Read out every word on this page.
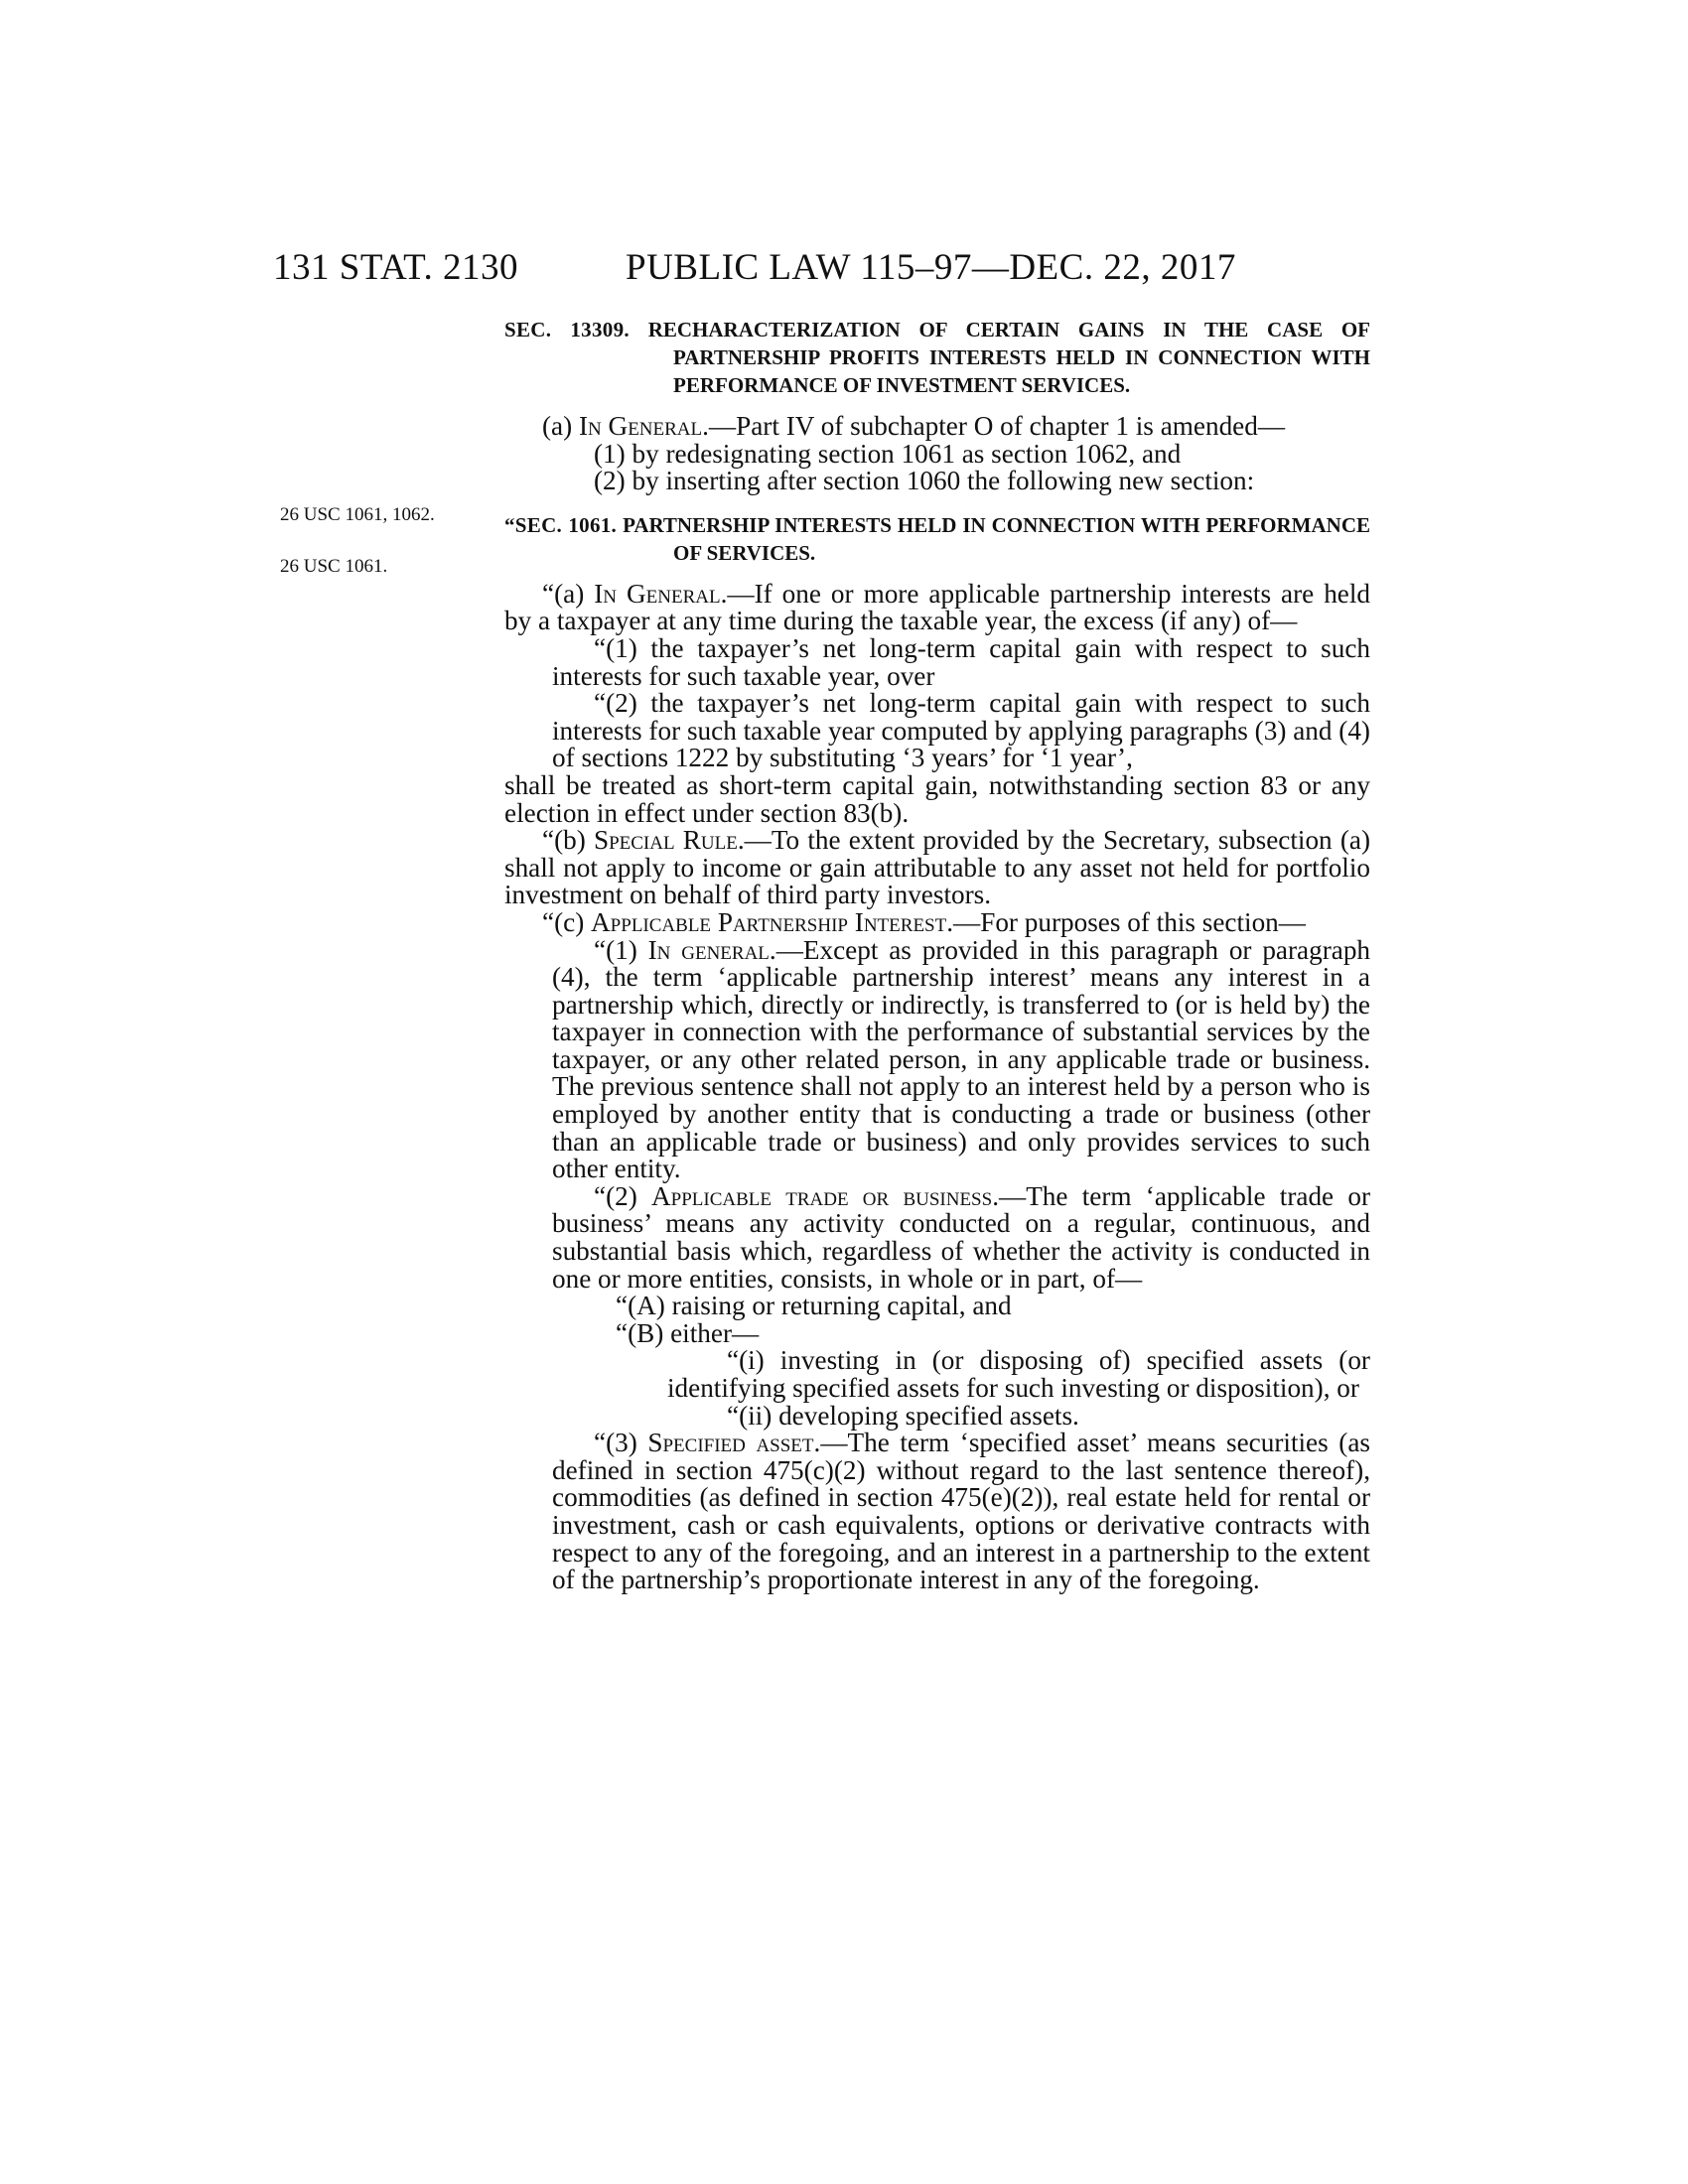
131 STAT. 2130	PUBLIC LAW 115–97—DEC. 22, 2017
26 USC 1061, 1062.
26 USC 1061.
SEC. 13309. RECHARACTERIZATION OF CERTAIN GAINS IN THE CASE OF PARTNERSHIP PROFITS INTERESTS HELD IN CONNECTION WITH PERFORMANCE OF INVESTMENT SERVICES.

(a) In General.—Part IV of subchapter O of chapter 1 is amended—

(1) by redesignating section 1061 as section 1062, and

(2) by inserting after section 1060 the following new section:

“SEC. 1061. PARTNERSHIP INTERESTS HELD IN CONNECTION WITH PERFORMANCE OF SERVICES.

“(a) In General.—If one or more applicable partnership interests are held by a taxpayer at any time during the taxable year, the excess (if any) of—

“(1) the taxpayer’s net long-term capital gain with respect to such interests for such taxable year, over

“(2) the taxpayer’s net long-term capital gain with respect to such interests for such taxable year computed by applying paragraphs (3) and (4) of sections 1222 by substituting ‘3 years’ for ‘1 year’,

shall be treated as short-term capital gain, notwithstanding section 83 or any election in effect under section 83(b).

“(b) Special Rule.—To the extent provided by the Secretary, subsection (a) shall not apply to income or gain attributable to any asset not held for portfolio investment on behalf of third party investors.

“(c) Applicable Partnership Interest.—For purposes of this section—

“(1) In general.—Except as provided in this paragraph or paragraph (4), the term ‘applicable partnership interest’ means any interest in a partnership which, directly or indirectly, is transferred to (or is held by) the taxpayer in connection with the performance of substantial services by the taxpayer, or any other related person, in any applicable trade or business. The previous sentence shall not apply to an interest held by a person who is employed by another entity that is conducting a trade or business (other than an applicable trade or business) and only provides services to such other entity.

“(2) Applicable trade or business.—The term ‘applicable trade or business’ means any activity conducted on a regular, continuous, and substantial basis which, regardless of whether the activity is conducted in one or more entities, consists, in whole or in part, of—

“(A) raising or returning capital, and

“(B) either—

“(i) investing in (or disposing of) specified assets (or identifying specified assets for such investing or disposition), or

“(ii) developing specified assets.

“(3) Specified asset.—The term ‘specified asset’ means securities (as defined in section 475(c)(2) without regard to the last sentence thereof), commodities (as defined in section 475(e)(2)), real estate held for rental or investment, cash or cash equivalents, options or derivative contracts with respect to any of the foregoing, and an interest in a partnership to the extent of the partnership’s proportionate interest in any of the foregoing.
